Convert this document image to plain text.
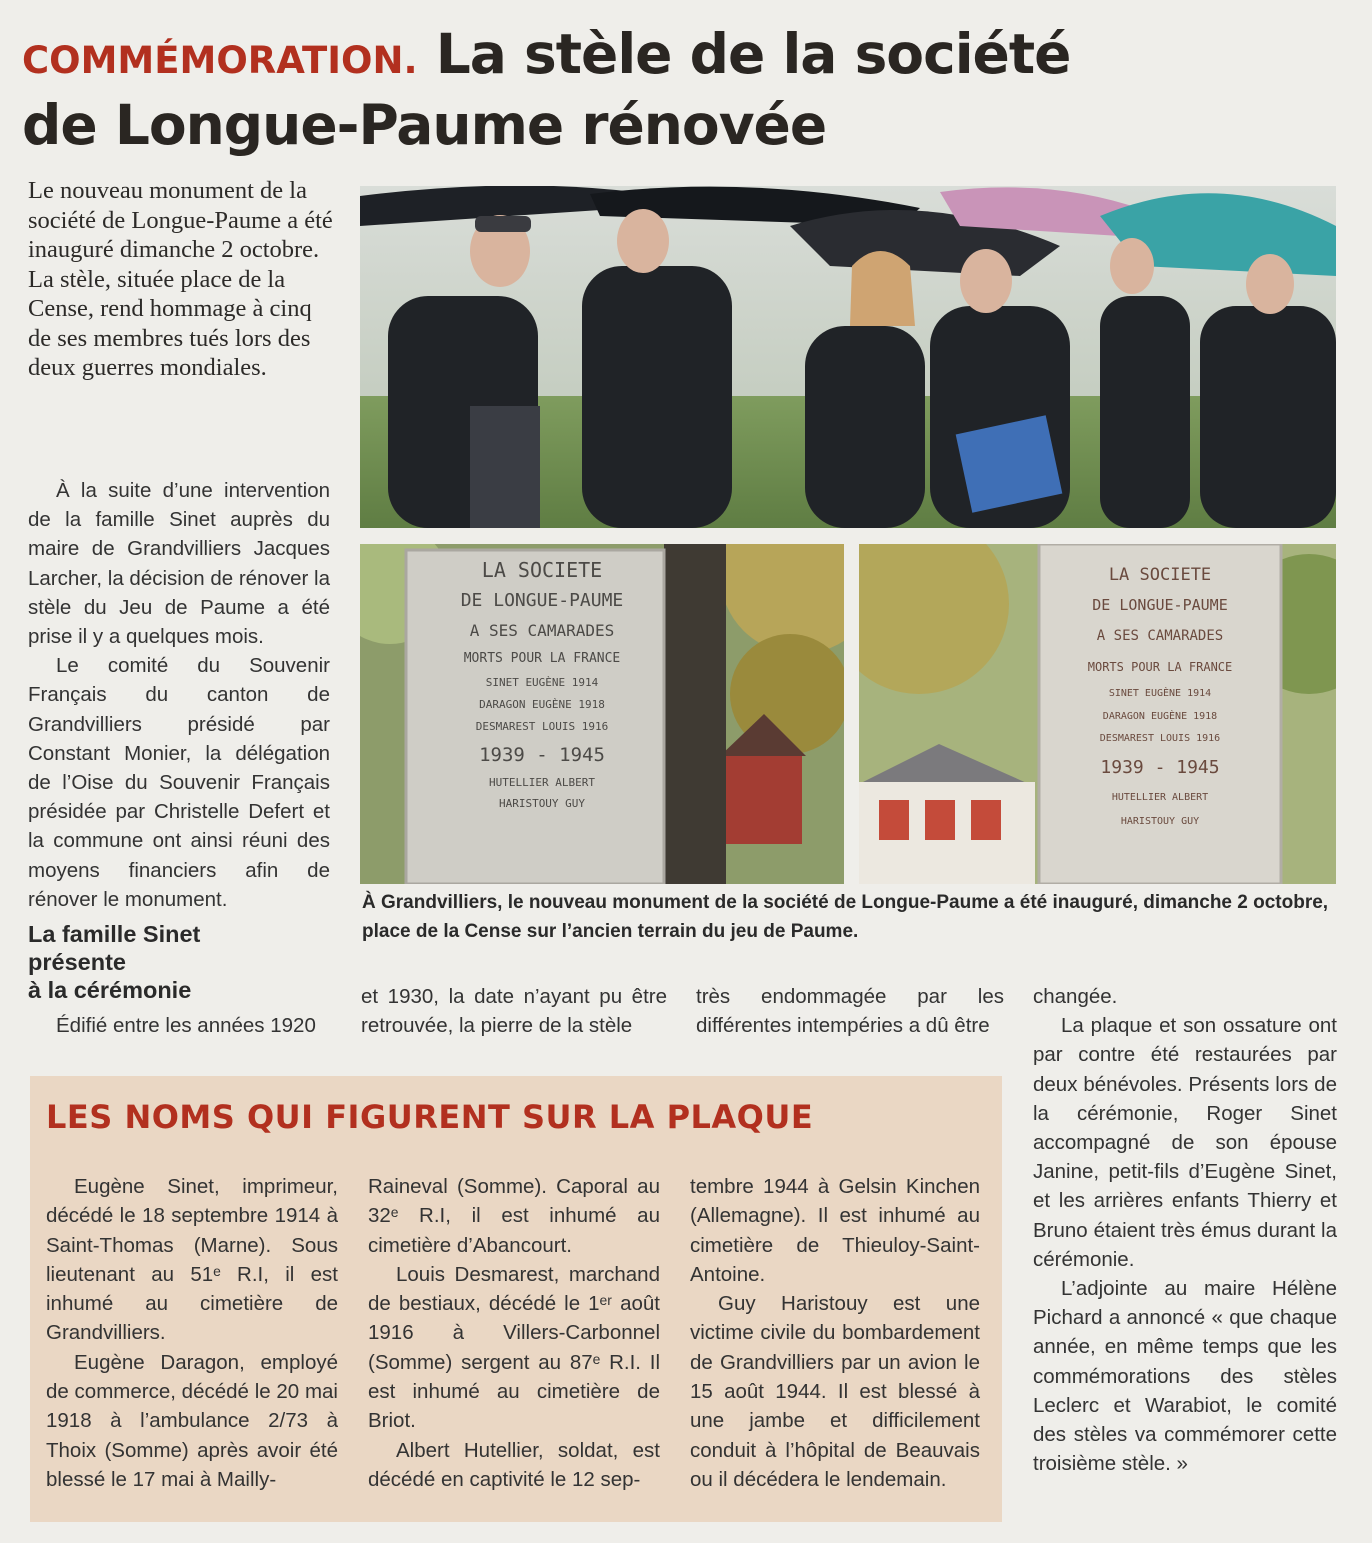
COMMÉMORATION. La stèle de la société
de Longue-Paume rénovée

Le nouveau monument de la société de Longue-Paume a été inauguré dimanche 2 octobre. La stèle, située place de la Cense, rend hommage à cinq de ses membres tués lors des deux guerres mondiales.

LA SOCIETE
DE LONGUE-PAUME
A SES CAMARADES
MORTS POUR LA FRANCE
SINET EUGÈNE 1914
DARAGON EUGÈNE 1918
DESMAREST LOUIS 1916
1939 - 1945
HUTELLIER ALBERT
HARISTOUY GUY
LA SOCIETE
DE LONGUE-PAUME
A SES CAMARADES
MORTS POUR LA FRANCE
SINET EUGÈNE 1914
DARAGON EUGÈNE 1918
DESMAREST LOUIS 1916
1939 - 1945
HUTELLIER ALBERT
HARISTOUY GUY

À Grandvilliers, le nouveau monument de la société de Longue-Paume a été inauguré, dimanche 2 octobre, place de la Cense sur l’ancien terrain du jeu de Paume.

À la suite d’une intervention de la famille Sinet auprès du maire de Grandvilliers Jacques Larcher, la décision de rénover la stèle du Jeu de Paume a été prise il y a quelques mois.

Le comité du Souvenir Français du canton de Grandvilliers présidé par Constant Monier, la délégation de l’Oise du Souvenir Français présidée par Christelle Defert et la commune ont ainsi réuni des moyens financiers afin de rénover le monument.

La famille Sinet
présente
à la cérémonie

Édifié entre les années 1920

et 1930, la date n’ayant pu être retrouvée, la pierre de la stèle

très endommagée par les différentes intempéries a dû être

changée.

La plaque et son ossature ont par contre été restaurées par deux bénévoles. Présents lors de la cérémonie, Roger Sinet accompagné de son épouse Janine, petit-fils d’Eugène Sinet, et les arrières enfants Thierry et Bruno étaient très émus durant la cérémonie.

L’adjointe au maire Hélène Pichard a annoncé « que chaque année, en même temps que les commémorations des stèles Leclerc et Warabiot, le comité des stèles va commémorer cette troisième stèle. »

LES NOMS QUI FIGURENT SUR LA PLAQUE

Eugène Sinet, imprimeur, décédé le 18 septembre 1914 à Saint-Thomas (Marne). Sous lieutenant au 51ᵉ R.I, il est inhumé au cimetière de Grandvilliers.

Eugène Daragon, employé de commerce, décédé le 20 mai 1918 à l’ambulance 2/73 à Thoix (Somme) après avoir été blessé le 17 mai à Mailly-

Raineval (Somme). Caporal au 32ᵉ R.I, il est inhumé au cimetière d’Abancourt.

Louis Desmarest, marchand de bestiaux, décédé le 1ᵉʳ août 1916 à Villers-Carbonnel (Somme) sergent au 87ᵉ R.I. Il est inhumé au cimetière de Briot.

Albert Hutellier, soldat, est décédé en captivité le 12 sep-

tembre 1944 à Gelsin Kinchen (Allemagne). Il est inhumé au cimetière de Thieuloy-Saint-Antoine.

Guy Haristouy est une victime civile du bombardement de Grandvilliers par un avion le 15 août 1944. Il est blessé à une jambe et difficilement conduit à l’hôpital de Beauvais ou il décédera le lendemain.
